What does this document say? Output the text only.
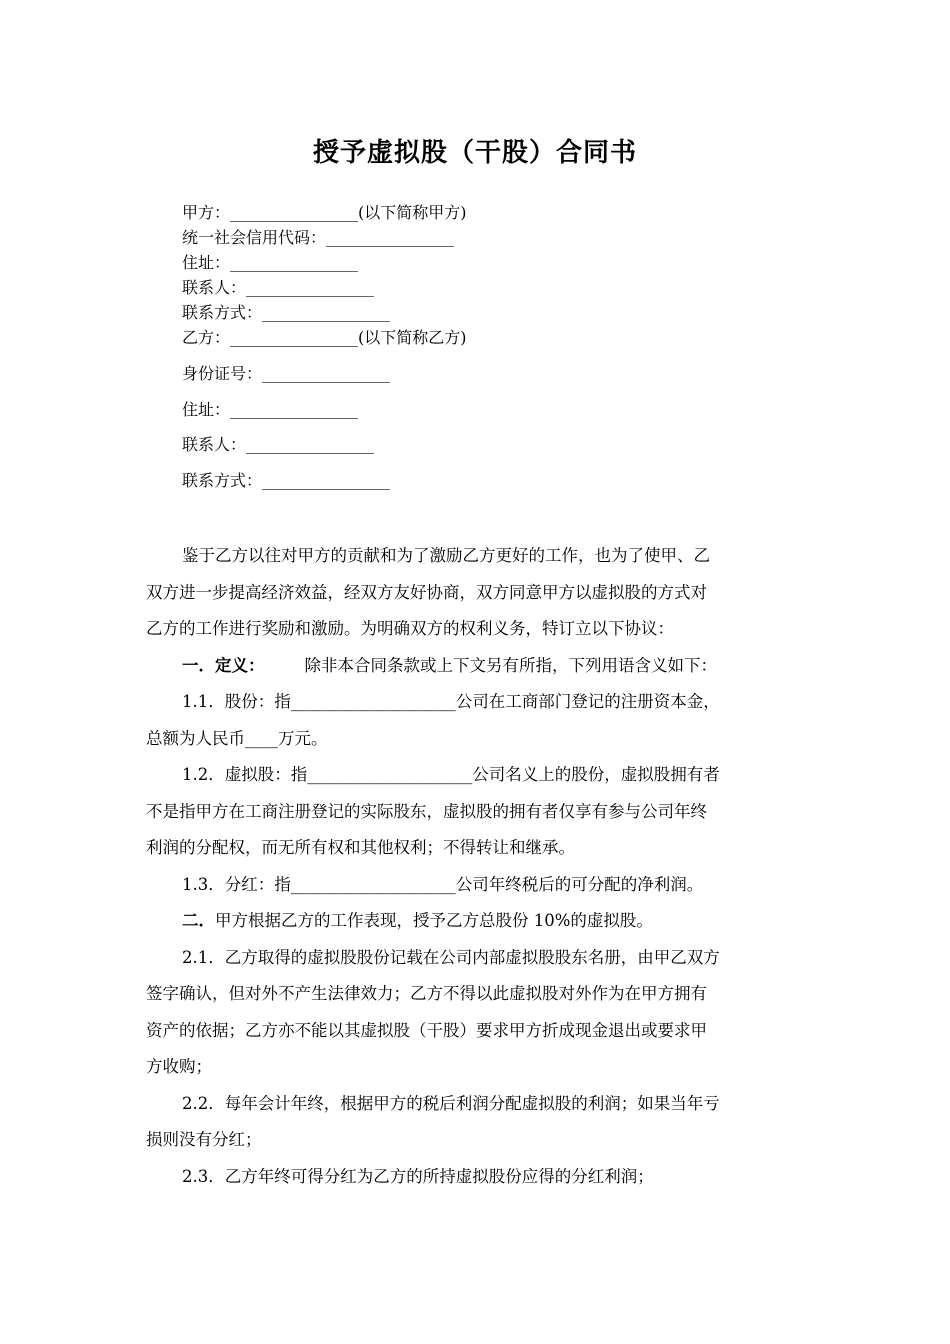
授予虚拟股（干股）合同书
甲方：________________(以下简称甲方)
统一社会信用代码：________________
住址：________________
联系人：________________
联系方式：________________
乙方：________________(以下简称乙方)
身份证号：________________
住址：________________
联系人：________________
联系方式：________________
鉴于乙方以往对甲方的贡献和为了激励乙方更好的工作，也为了使甲、乙
双方进一步提高经济效益，经双方友好协商，双方同意甲方以虚拟股的方式对
乙方的工作进行奖励和激励。为明确双方的权利义务，特订立以下协议：
一．定义： 除非本合同条款或上下文另有所指，下列用语含义如下：
1.1．股份：指____________________公司在工商部门登记的注册资本金，
总额为人民币____万元。
1.2．虚拟股：指____________________公司名义上的股份，虚拟股拥有者
不是指甲方在工商注册登记的实际股东，虚拟股的拥有者仅享有参与公司年终
利润的分配权，而无所有权和其他权利；不得转让和继承。
1.3．分红：指____________________公司年终税后的可分配的净利润。
二．甲方根据乙方的工作表现，授予乙方总股份 10%的虚拟股。
2.1．乙方取得的虚拟股股份记载在公司内部虚拟股股东名册，由甲乙双方
签字确认，但对外不产生法律效力；乙方不得以此虚拟股对外作为在甲方拥有
资产的依据；乙方亦不能以其虚拟股（干股）要求甲方折成现金退出或要求甲
方收购；
2.2．每年会计年终，根据甲方的税后利润分配虚拟股的利润；如果当年亏
损则没有分红；
2.3．乙方年终可得分红为乙方的所持虚拟股份应得的分红利润；
